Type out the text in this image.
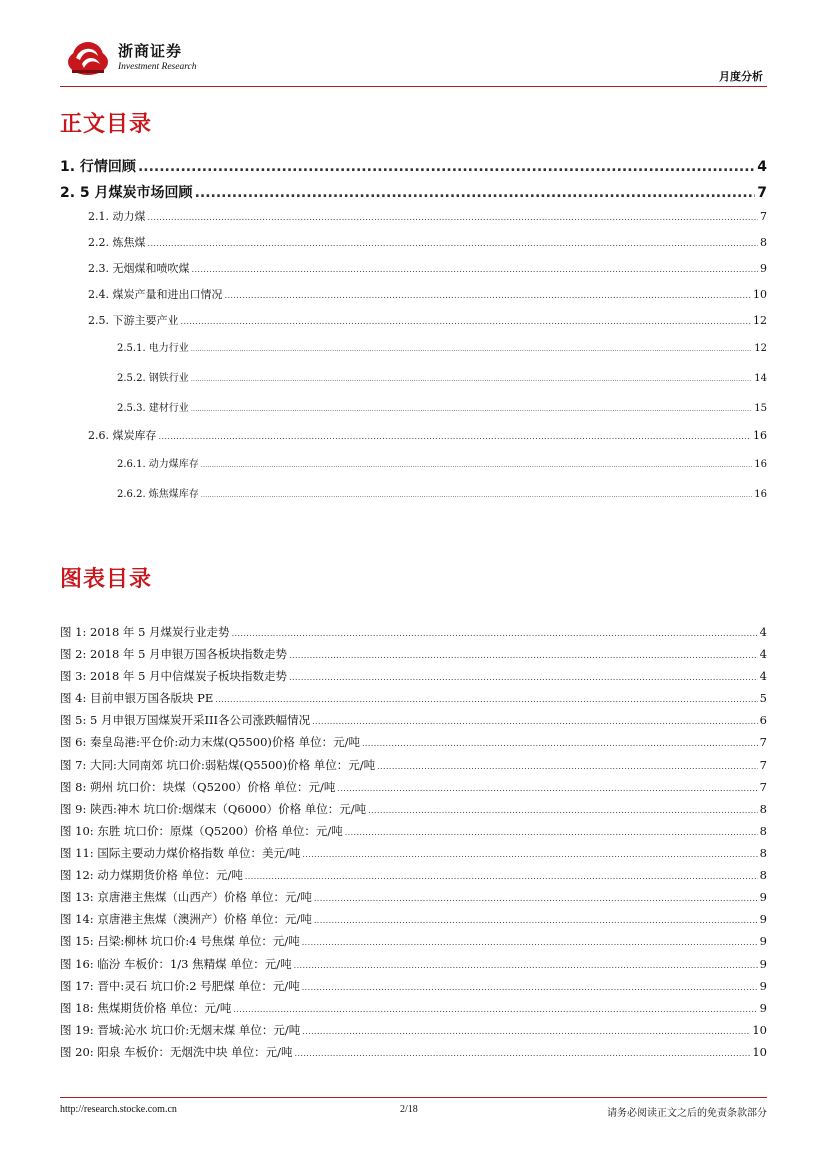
浙商证券
Investment Research
月度分析
正文目录
1. 行情回顾 .....	4
2. 5 月煤炭市场回顾 .....	7
2.1. 动力煤 .....	7
2.2. 炼焦煤 .....	8
2.3. 无烟煤和喷吹煤 .....	9
2.4. 煤炭产量和进出口情况 .....	10
2.5. 下游主要产业 .....	12
2.5.1. 电力行业 .....	12
2.5.2. 钢铁行业 .....	14
2.5.3. 建材行业 .....	15
2.6. 煤炭库存 .....	16
2.6.1. 动力煤库存 .....	16
2.6.2. 炼焦煤库存 .....	16
图表目录
图 1: 2018 年 5 月煤炭行业走势 .....	4
图 2: 2018 年 5 月申银万国各板块指数走势 .....	4
图 3: 2018 年 5 月中信煤炭子板块指数走势 .....	4
图 4: 目前申银万国各版块 PE .....	5
图 5: 5 月申银万国煤炭开采III各公司涨跌幅情况 .....	6
图 6: 秦皇岛港:平仓价:动力末煤(Q5500)价格 单位：元/吨 .....	7
图 7: 大同:大同南郊 坑口价:弱粘煤(Q5500)价格 单位：元/吨 .....	7
图 8: 朔州 坑口价：块煤（Q5200）价格 单位：元/吨 .....	7
图 9: 陕西:神木 坑口价:烟煤末（Q6000）价格 单位：元/吨 .....	8
图 10: 东胜 坑口价：原煤（Q5200）价格 单位：元/吨 .....	8
图 11: 国际主要动力煤价格指数 单位：美元/吨 .....	8
图 12: 动力煤期货价格 单位：元/吨 .....	8
图 13: 京唐港主焦煤（山西产）价格 单位：元/吨 .....	9
图 14: 京唐港主焦煤（澳洲产）价格 单位：元/吨 .....	9
图 15: 吕梁:柳林 坑口价:4 号焦煤 单位：元/吨 .....	9
图 16: 临汾 车板价：1/3 焦精煤 单位：元/吨 .....	9
图 17: 晋中:灵石 坑口价:2 号肥煤 单位：元/吨 .....	9
图 18: 焦煤期货价格 单位：元/吨 .....	9
图 19: 晋城:沁水 坑口价:无烟末煤 单位：元/吨 .....	10
图 20: 阳泉 车板价：无烟洗中块 单位：元/吨 .....	10
http://research.stocke.com.cn	2/18	请务必阅读正文之后的免责条款部分
